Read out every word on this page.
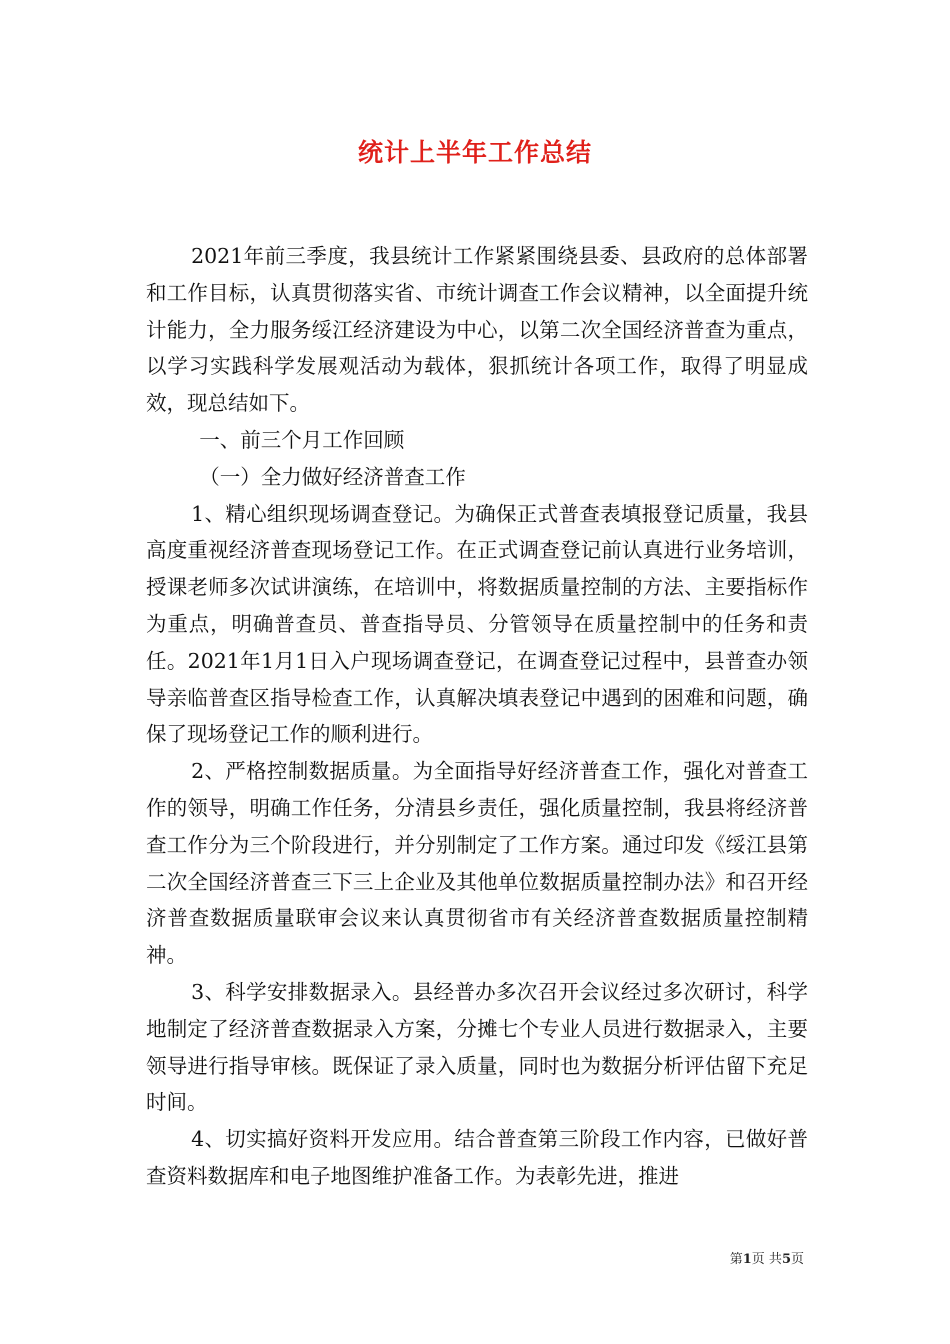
统计上半年工作总结

2021年前三季度，我县统计工作紧紧围绕县委、县政府的总体部署和工作目标，认真贯彻落实省、市统计调查工作会议精神，以全面提升统计能力，全力服务绥江经济建设为中心，以第二次全国经济普查为重点，以学习实践科学发展观活动为载体，狠抓统计各项工作，取得了明显成效，现总结如下。

一、前三个月工作回顾

（一）全力做好经济普查工作

1、精心组织现场调查登记。为确保正式普查表填报登记质量，我县高度重视经济普查现场登记工作。在正式调查登记前认真进行业务培训，授课老师多次试讲演练，在培训中，将数据质量控制的方法、主要指标作为重点，明确普查员、普查指导员、分管领导在质量控制中的任务和责任。2021年1月1日入户现场调查登记，在调查登记过程中，县普查办领导亲临普查区指导检查工作，认真解决填表登记中遇到的困难和问题，确保了现场登记工作的顺利进行。

2、严格控制数据质量。为全面指导好经济普查工作，强化对普查工作的领导，明确工作任务，分清县乡责任，强化质量控制，我县将经济普查工作分为三个阶段进行，并分别制定了工作方案。通过印发《绥江县第二次全国经济普查三下三上企业及其他单位数据质量控制办法》和召开经济普查数据质量联审会议来认真贯彻省市有关经济普查数据质量控制精神。

3、科学安排数据录入。县经普办多次召开会议经过多次研讨，科学地制定了经济普查数据录入方案，分摊七个专业人员进行数据录入，主要领导进行指导审核。既保证了录入质量，同时也为数据分析评估留下充足时间。

4、切实搞好资料开发应用。结合普查第三阶段工作内容，已做好普查资料数据库和电子地图维护准备工作。为表彰先进，推进

第1页 共5页
